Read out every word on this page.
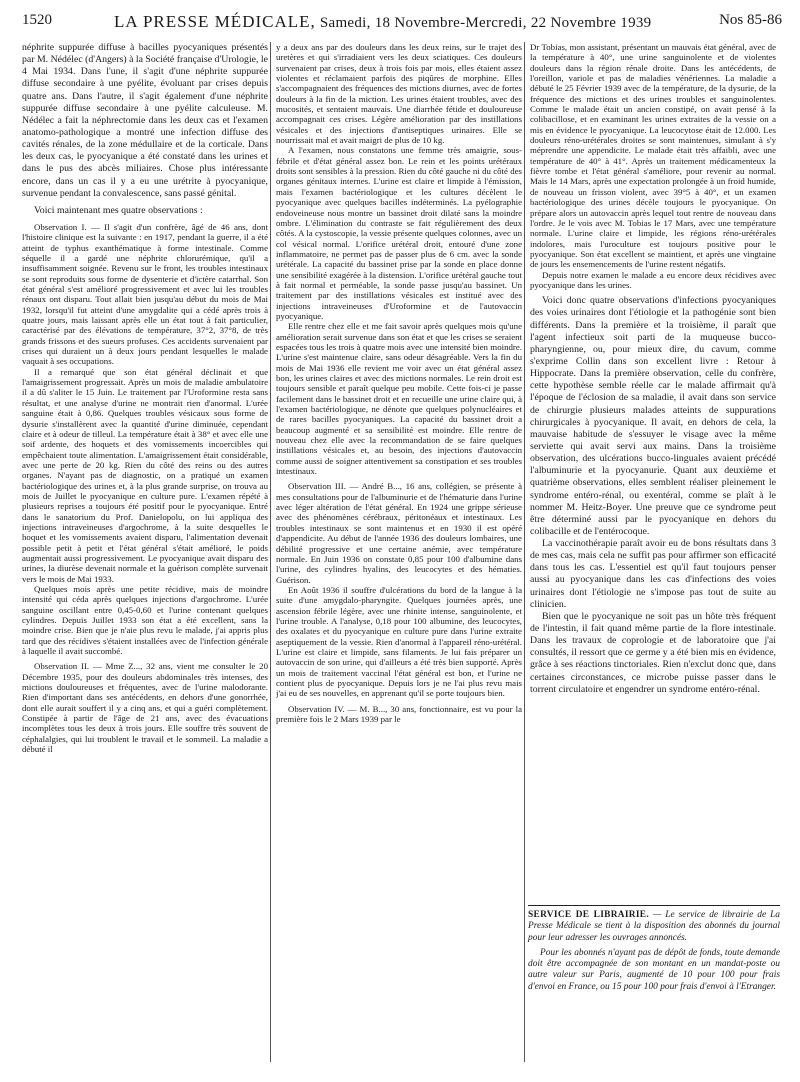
1520	LA PRESSE MÉDICALE, Samedi, 18 Novembre-Mercredi, 22 Novembre 1939	Nos 85-86

néphrite suppurée diffuse à bacilles pyocyaniques présentés par M. Nédélec (d'Angers) à la Société française d'Urologie, le 4 Mai 1934. Dans l'une, il s'agit d'une néphrite suppurée diffuse secondaire à une pyélite, évoluant par crises depuis quatre ans. Dans l'autre, il s'agit également d'une néphrite suppurée diffuse secondaire à une pyélite calculeuse. M. Nédélec a fait la néphrectomie dans les deux cas et l'examen anatomo-pathologique a montré une infection diffuse des cavités rénales, de la zone médullaire et de la corticale. Dans les deux cas, le pyocyanique a été constaté dans les urines et dans le pus des abcès miliaires. Chose plus intéressante encore, dans un cas il y a eu une urétrite à pyocyanique, survenue pendant la convalescence, sans passé génital.

Voici maintenant mes quatre observations :

Observation I. — Il s'agit d'un confrère, âgé de 46 ans, dont l'histoire clinique est la suivante : en 1917, pendant la guerre, il a été atteint de typhus exanthématique à forme intestinale. Comme séquelle il a gardé une néphrite chlorurémique, qu'il a insuffisamment soignée. Revenu sur le front, les troubles intestinaux se sont reproduits sous forme de dysenterie et d'ictère catarrhal. Son état général s'est amélioré progressivement et avec lui les troubles rénaux ont disparu. Tout allait bien jusqu'au début du mois de Mai 1932, lorsqu'il fut atteint d'une amygdalite qui a cédé après trois à quatre jours, mais laissant après elle un état tout à fait particulier, caractérisé par des élévations de température, 37°2, 37°8, de très grands frissons et des sueurs profuses. Ces accidents survenaient par crises qui duraient un à deux jours pendant lesquelles le malade vaquait à ses occupations.

Il a remarqué que son état général déclinait et que l'amaigrissement progressait. Après un mois de maladie ambulatoire il a dû s'aliter le 15 Juin. Le traitement par l'Uroformine resta sans résultat, et une analyse d'urine ne montrait rien d'anormal. L'urée sanguine était à 0,86. Quelques troubles vésicaux sous forme de dysurie s'installèrent avec la quantité d'urine diminuée, cependant claire et à odeur de tilleul. La température était à 38° et avec elle une soif ardente, des hoquets et des vomissements incoercibles qui empêchaient toute alimentation. L'amaigrissement était considérable, avec une perte de 20 kg. Rien du côté des reins ou des autres organes. N'ayant pas de diagnostic, on a pratiqué un examen bactériologique des urines et, à la plus grande surprise, on trouva au mois de Juillet le pyocyanique en culture pure. L'examen répété à plusieurs reprises a toujours été positif pour le pyocyanique. Entré dans le sanatorium du Prof. Danielopolu, on lui appliqua des injections intraveineuses d'argochrome, à la suite desquelles le hoquet et les vomissements avaient disparu, l'alimentation devenait possible petit à petit et l'état général s'était amélioré, le poids augmentait aussi progressivement. Le pyocyanique avait disparu des urines, la diurèse devenait normale et la guérison complète survenait vers le mois de Mai 1933.

Quelques mois après une petite récidive, mais de moindre intensité qui céda après quelques injections d'argochrome. L'urée sanguine oscillant entre 0,45-0,60 et l'urine contenant quelques cylindres. Depuis Juillet 1933 son état a été excellent, sans la moindre crise. Bien que je n'aie plus revu le malade, j'ai appris plus tard que des récidives s'étaient installées avec de l'infection générale à laquelle il avait succombé.

Observation II. — Mme Z..., 32 ans, vient me consulter le 20 Décembre 1935, pour des douleurs abdominales très intenses, des mictions douloureuses et fréquentes, avec de l'urine malodorante. Rien d'important dans ses antécédents, en dehors d'une gonorrhée, dont elle aurait souffert il y a cinq ans, et qui a guéri complètement. Constipée à partir de l'âge de 21 ans, avec des évacuations incomplètes tous les deux à trois jours. Elle souffre très souvent de céphalalgies, qui lui troublent le travail et le sommeil. La maladie a débuté il

y a deux ans par des douleurs dans les deux reins, sur le trajet des uretères et qui s'irradiaient vers les deux sciatiques. Ces douleurs survenaient par crises, deux à trois fois par mois, elles étaient assez violentes et réclamaient parfois des piqûres de morphine. Elles s'accompagnaient des fréquences des mictions diurnes, avec de fortes douleurs à la fin de la miction. Les urines étaient troubles, avec des mucosités, et sentaient mauvais. Une diarrhée fétide et douloureuse accompagnait ces crises. Légère amélioration par des instillations vésicales et des injections d'antiseptiques urinaires. Elle se nourrissait mal et avait maigri de plus de 10 kg.

A l'examen, nous constatons une femme très amaigrie, sous-fébrile et d'état général assez bon. Le rein et les points urétéraux droits sont sensibles à la pression. Rien du côté gauche ni du côté des organes génitaux internes. L'urine est claire et limpide à l'émission, mais l'examen bactériologique et les cultures décèlent le pyocyanique avec quelques bacilles indéterminés. La pyélographie endoveineuse nous montre un bassinet droit dilaté sans la moindre ombre. L'élimination du contraste se fait régulièrement des deux côtés. A la cystoscopie, la vessie présente quelques colonnes, avec un col vésical normal. L'orifice urétéral droit, entouré d'une zone inflammatoire, ne permet pas de passer plus de 6 cm. avec la sonde urétérale. La capacité du bassinet prise par la sonde en place donne une sensibilité exagérée à la distension. L'orifice urétéral gauche tout à fait normal et perméable, la sonde passe jusqu'au bassinet. Un traitement par des instillations vésicales est institué avec des injections intraveineuses d'Uroformine et de l'autovaccin pyocyanique.

Elle rentre chez elle et me fait savoir après quelques mois qu'une amélioration serait survenue dans son état et que les crises se seraient espacées tous les trois à quatre mois avec une intensité bien moindre. L'urine s'est maintenue claire, sans odeur désagréable. Vers la fin du mois de Mai 1936 elle revient me voir avec un état général assez bon, les urines claires et avec des mictions normales. Le rein droit est toujours sensible et paraît quelque peu mobile. Cette fois-ci je passe facilement dans le bassinet droit et en recueille une urine claire qui, à l'examen bactériologique, ne dénote que quelques polynucléaires et de rares bacilles pyocyaniques. La capacité du bassinet droit a beaucoup augmenté et sa sensibilité est moindre. Elle rentre de nouveau chez elle avec la recommandation de se faire quelques instillations vésicales et, au besoin, des injections d'autovaccin comme aussi de soigner attentivement sa constipation et ses troubles intestinaux.

Observation III. — André B..., 16 ans, collégien, se présente à mes consultations pour de l'albuminurie et de l'hématurie dans l'urine avec léger altération de l'état général. En 1924 une grippe sérieuse avec des phénomènes cérébraux, péritonéaux et intestinaux. Les troubles intestinaux se sont maintenus et en 1930 il est opéré d'appendicite. Au début de l'année 1936 des douleurs lombaires, une débilité progressive et une certaine anémie, avec température normale. En Juin 1936 on constate 0,85 pour 100 d'albumine dans l'urine, des cylindres hyalins, des leucocytes et des hématies. Guérison.

En Août 1936 il souffre d'ulcérations du bord de la langue à la suite d'une amygdalo-pharyngite. Quelques journées après, une ascension fébrile légère, avec une rhinite intense, sanguinolente, et l'urine trouble. A l'analyse, 0,18 pour 100 albumine, des leucocytes, des oxalates et du pyocyanique en culture pure dans l'urine extraite aseptiquement de la vessie. Rien d'anormal à l'appareil réno-urétéral. L'urine est claire et limpide, sans filaments. Je lui fais préparer un autovaccin de son urine, qui d'ailleurs a été très bien supporté. Après un mois de traitement vaccinal l'état général est bon, et l'urine ne contient plus de pyocyanique. Depuis lors je ne l'ai plus revu mais j'ai eu de ses nouvelles, en apprenant qu'il se porte toujours bien.

Observation IV. — M. B..., 30 ans, fonctionnaire, est vu pour la première fois le 2 Mars 1939 par le

Dr Tobias, mon assistant, présentant un mauvais état général, avec de la température à 40°, une urine sanguinolente et de violentes douleurs dans la région rénale droite. Dans les antécédents, de l'oreillon, variole et pas de maladies vénériennes. La maladie a débuté le 25 Février 1939 avec de la température, de la dysurie, de la fréquence des mictions et des urines troubles et sanguinolentes. Comme le malade était un ancien constipé, on avait pensé à la colibacillose, et en examinant les urines extraites de la vessie on a mis en évidence le pyocyanique. La leucocytose était de 12.000. Les douleurs réno-urétérales droites se sont maintenues, simulant à s'y méprendre une appendicite. Le malade était très affaibli, avec une température de 40° à 41°. Après un traitement médicamenteux la fièvre tombe et l'état général s'améliore, pour revenir au normal. Mais le 14 Mars, après une expectation prolongée à un froid humide, de nouveau un frisson violent, avec 39°5 à 40°, et un examen bactériologique des urines décèle toujours le pyocyanique. On prépare alors un autovaccin après lequel tout rentre de nouveau dans l'ordre. Je le vois avec M. Tobias le 17 Mars, avec une température normale. L'urine claire et limpide, les régions réno-urétérales indolores, mais l'uroculture est toujours positive pour le pyocyanique. Son état excellent se maintient, et après une vingtaine de jours les ensemencements de l'urine restent négatifs.

Depuis notre examen le malade a eu encore deux récidives avec pyocyanique dans les urines.

Voici donc quatre observations d'infections pyocyaniques des voies urinaires dont l'étiologie et la pathogénie sont bien différents. Dans la première et la troisième, il paraît que l'agent infectieux soit parti de la muqueuse bucco-pharyngienne, ou, pour mieux dire, du cavum, comme s'exprime Collin dans son excellent livre : Retour à Hippocrate. Dans la première observation, celle du confrère, cette hypothèse semble réelle car le malade affirmait qu'à l'époque de l'éclosion de sa maladie, il avait dans son service de chirurgie plusieurs malades atteints de suppurations chirurgicales à pyocyanique. Il avait, en dehors de cela, la mauvaise habitude de s'essuyer le visage avec la même serviette qui avait servi aux mains. Dans la troisième observation, des ulcérations bucco-linguales avaient précédé l'albuminurie et la pyocyanurie. Quant aux deuxième et quatrième observations, elles semblent réaliser pleinement le syndrome entéro-rénal, ou exentéral, comme se plaît à le nommer M. Heitz-Boyer. Une preuve que ce syndrome peut être déterminé aussi par le pyocyanique en dehors du colibacille et de l'entérocoque.

La vaccinothérapie paraît avoir eu de bons résultats dans 3 de mes cas, mais cela ne suffit pas pour affirmer son efficacité dans tous les cas. L'essentiel est qu'il faut toujours penser aussi au pyocyanique dans les cas d'infections des voies urinaires dont l'étiologie ne s'impose pas tout de suite au clinicien.

Bien que le pyocyanique ne soit pas un hôte très fréquent de l'intestin, il fait quand même partie de la flore intestinale. Dans les travaux de coprologie et de laboratoire que j'ai consultés, il ressort que ce germe y a été bien mis en évidence, grâce à ses réactions tinctoriales. Rien n'exclut donc que, dans certaines circonstances, ce microbe puisse passer dans le torrent circulatoire et engendrer un syndrome entéro-rénal.

SERVICE DE LIBRAIRIE. — Le service de librairie de La Presse Médicale se tient à la disposition des abonnés du journal pour leur adresser les ouvrages annoncés.

Pour les abonnés n'ayant pas de dépôt de fonds, toute demande doit être accompagnée de son montant en un mandat-poste ou autre valeur sur Paris, augmenté de 10 pour 100 pour frais d'envoi en France, ou 15 pour 100 pour frais d'envoi à l'Etranger.
